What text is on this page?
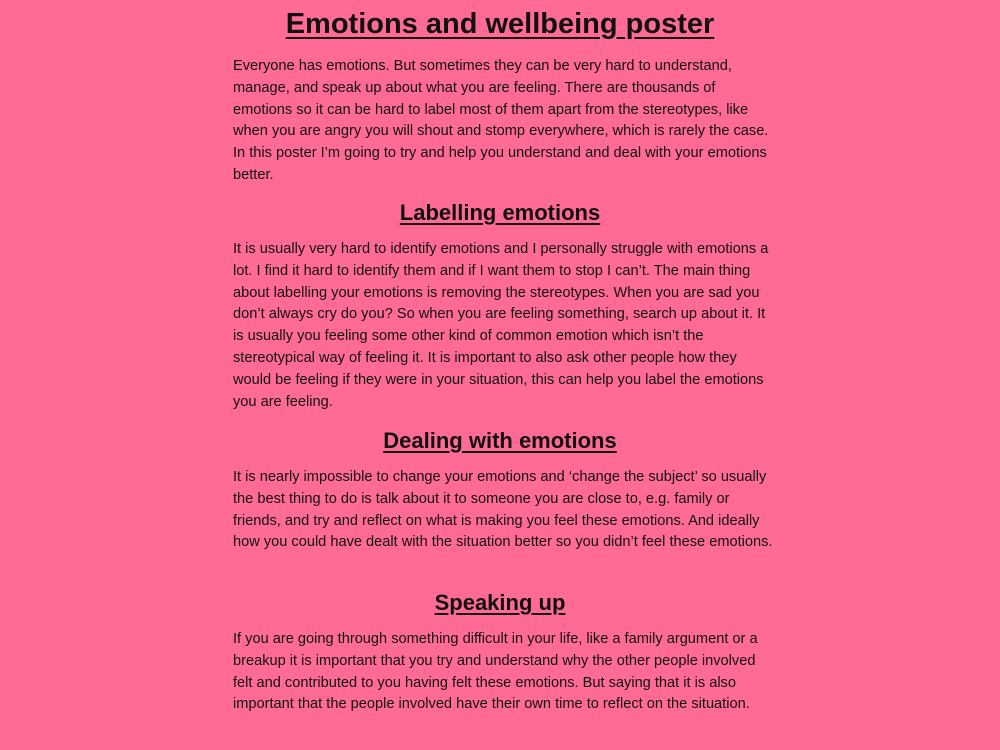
Emotions and wellbeing poster

Everyone has emotions. But sometimes they can be very hard to understand, manage, and speak up about what you are feeling. There are thousands of emotions so it can be hard to label most of them apart from the stereotypes, like when you are angry you will shout and stomp everywhere, which is rarely the case. In this poster I’m going to try and help you understand and deal with your emotions better.

Labelling emotions

It is usually very hard to identify emotions and I personally struggle with emotions a lot. I find it hard to identify them and if I want them to stop I can’t. The main thing about labelling your emotions is removing the stereotypes. When you are sad you don’t always cry do you? So when you are feeling something, search up about it. It is usually you feeling some other kind of common emotion which isn’t the stereotypical way of feeling it. It is important to also ask other people how they would be feeling if they were in your situation, this can help you label the emotions you are feeling.

Dealing with emotions

It is nearly impossible to change your emotions and ‘change the subject’ so usually the best thing to do is talk about it to someone you are close to, e.g. family or friends, and try and reflect on what is making you feel these emotions. And ideally how you could have dealt with the situation better so you didn’t feel these emotions.

Speaking up

If you are going through something difficult in your life, like a family argument or a breakup it is important that you try and understand why the other people involved felt and contributed to you having felt these emotions. But saying that it is also important that the people involved have their own time to reflect on the situation.
